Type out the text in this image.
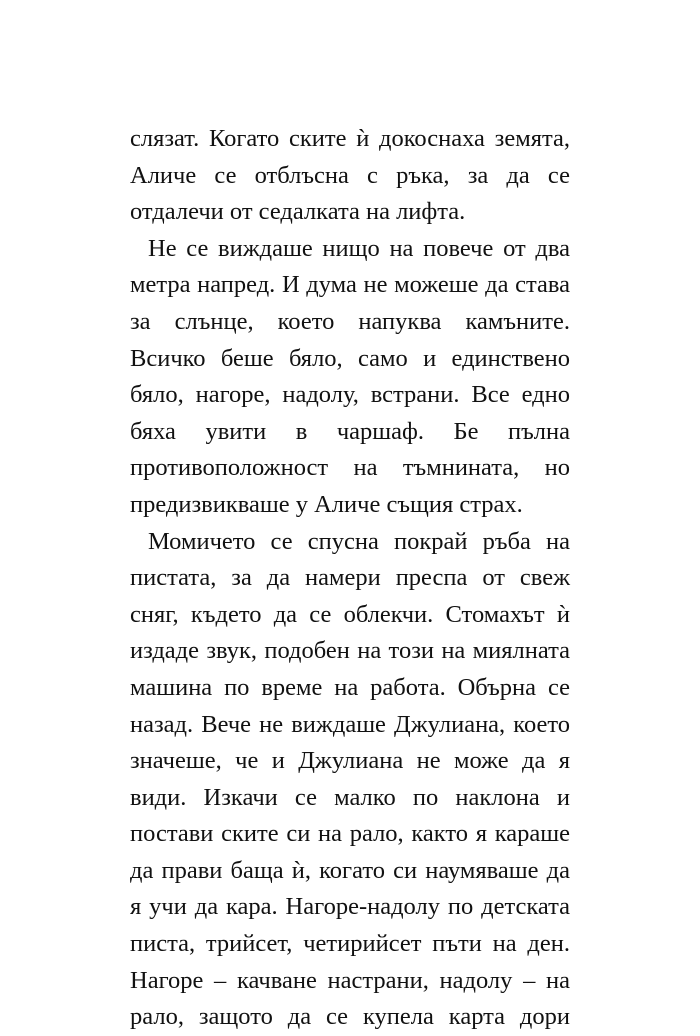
слязат. Когато ските ѝ докоснаха земята,
Аличе се отблъсна с ръка, за да се
отдалечи от седалката на лифта.
Не се виждаше нищо на повече от два
метра напред. И дума не можеше да става
за слънце, което напуква камъните.
Всичко беше бяло, само и единствено
бяло, нагоре, надолу, встрани. Все едно
бяха увити в чаршаф. Бе пълна
противоположност на тъмнината, но
предизвикваше у Аличе същия страх.
Момичето се спусна покрай ръба на
пистата, за да намери преспа от свеж
сняг, където да се облекчи. Стомахът ѝ
издаде звук, подобен на този на миялната
машина по време на работа. Обърна се
назад. Вече не виждаше Джулиана, което
значеше, че и Джулиана не може да я
види. Изкачи се малко по наклона и
постави ските си на рало, както я караше
да прави баща ѝ, когато си наумяваше да
я учи да кара. Нагоре-надолу по детската
писта, трийсет, четирийсет пъти на ден.
Нагоре – качване настрани, надолу – на
рало, защото да се купела карта дори
